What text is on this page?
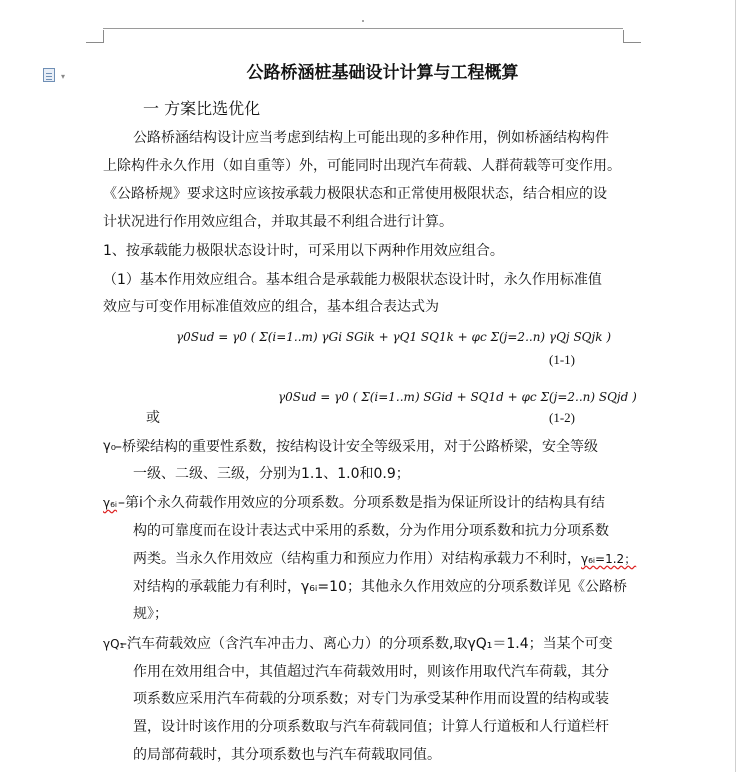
▾	公路桥涵桩基础设计计算与工程概算
一 方案比选优化
公路桥涵结构设计应当考虑到结构上可能出现的多种作用，例如桥涵结构构件
上除构件永久作用（如自重等）外，可能同时出现汽车荷载、人群荷载等可变作用。
《公路桥规》要求这时应该按承载力极限状态和正常使用极限状态，结合相应的设
计状况进行作用效应组合，并取其最不利组合进行计算。
1、按承载能力极限状态设计时，可采用以下两种作用效应组合。
（1）基本作用效应组合。基本组合是承载能力极限状态设计时，永久作用标准值
效应与可变作用标准值效应的组合，基本组合表达式为
γ0Sud = γ0 ( Σ(i=1..m) γGi SGik + γQ1 SQ1k + φc Σ(j=2..n) γQj SQjk )
(1-1)
γ0Sud = γ0 ( Σ(i=1..m) SGid + SQ1d + φc Σ(j=2..n) SQjd )
或	(1-2)
γ₀ –桥梁结构的重要性系数，按结构设计安全等级采用，对于公路桥梁，安全等级
一级、二级、三级，分别为1.1、1.0和0.9；
γ₆ᵢ –第i个永久荷载作用效应的分项系数。分项系数是指为保证所设计的结构具有结
构的可靠度而在设计表达式中采用的系数，分为作用分项系数和抗力分项系数
两类。当永久作用效应（结构重力和预应力作用）对结构承载力不利时，γ₆ᵢ=1.2；
对结构的承载能力有利时，γ₆ᵢ=10；其他永久作用效应的分项系数详见《公路桥
规》；
γQ₁
–汽车荷载效应（含汽车冲击力、离心力）的分项系数,取γQ₁＝1.4；当某个可变
作用在效用组合中，其值超过汽车荷载效用时，则该作用取代汽车荷载，其分
项系数应采用汽车荷载的分项系数；对专门为承受某种作用而设置的结构或装
置，设计时该作用的分项系数取与汽车荷载同值；计算人行道板和人行道栏杆
的局部荷载时，其分项系数也与汽车荷载取同值。
